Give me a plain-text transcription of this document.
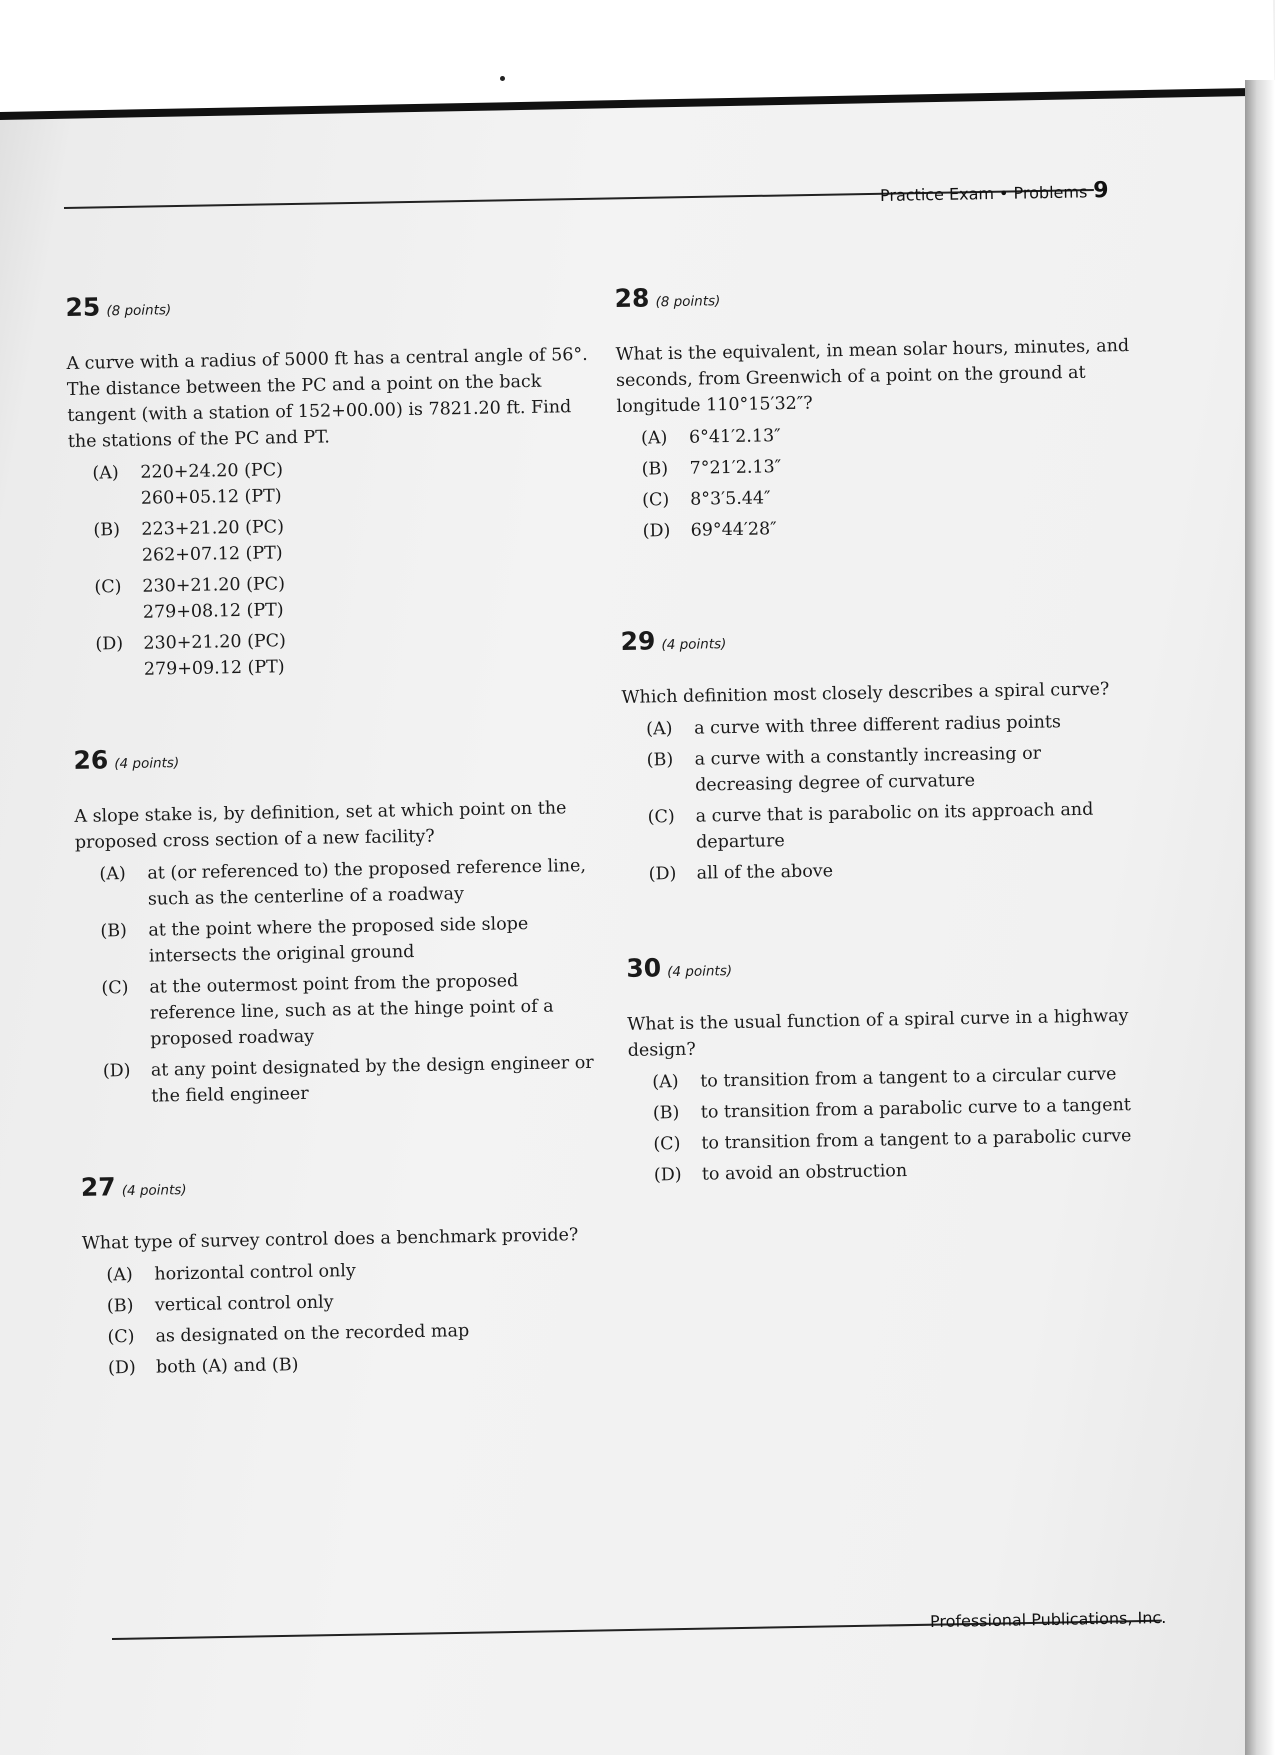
Practice Exam • Problems 9
25 (8 points)

A curve with a radius of 5000 ft has a central angle of 56°. The distance between the PC and a point on the back tangent (with a station of 152+00.00) is 7821.20 ft. Find the stations of the PC and PT.

(A)	220+24.20 (PC)
260+05.12 (PT)
(B)	223+21.20 (PC)
262+07.12 (PT)
(C)	230+21.20 (PC)
279+08.12 (PT)
(D)	230+21.20 (PC)
279+09.12 (PT)
26 (4 points)

A slope stake is, by definition, set at which point on the proposed cross section of a new facility?

(A)	at (or referenced to) the proposed reference line, such as the centerline of a roadway
(B)	at the point where the proposed side slope intersects the original ground
(C)	at the outermost point from the proposed reference line, such as at the hinge point of a proposed roadway
(D)	at any point designated by the design engineer or the field engineer
27 (4 points)

What type of survey control does a benchmark provide?

(A)	horizontal control only
(B)	vertical control only
(C)	as designated on the recorded map
(D)	both (A) and (B)
28 (8 points)

What is the equivalent, in mean solar hours, minutes, and seconds, from Greenwich of a point on the ground at longitude 110°15′32″?

(A)	6°41′2.13″
(B)	7°21′2.13″
(C)	8°3′5.44″
(D)	69°44′28″
29 (4 points)

Which definition most closely describes a spiral curve?

(A)	a curve with three different radius points
(B)	a curve with a constantly increasing or decreasing degree of curvature
(C)	a curve that is parabolic on its approach and departure
(D)	all of the above
30 (4 points)

What is the usual function of a spiral curve in a highway design?

(A)	to transition from a tangent to a circular curve
(B)	to transition from a parabolic curve to a tangent
(C)	to transition from a tangent to a parabolic curve
(D)	to avoid an obstruction
Professional Publications, Inc.
